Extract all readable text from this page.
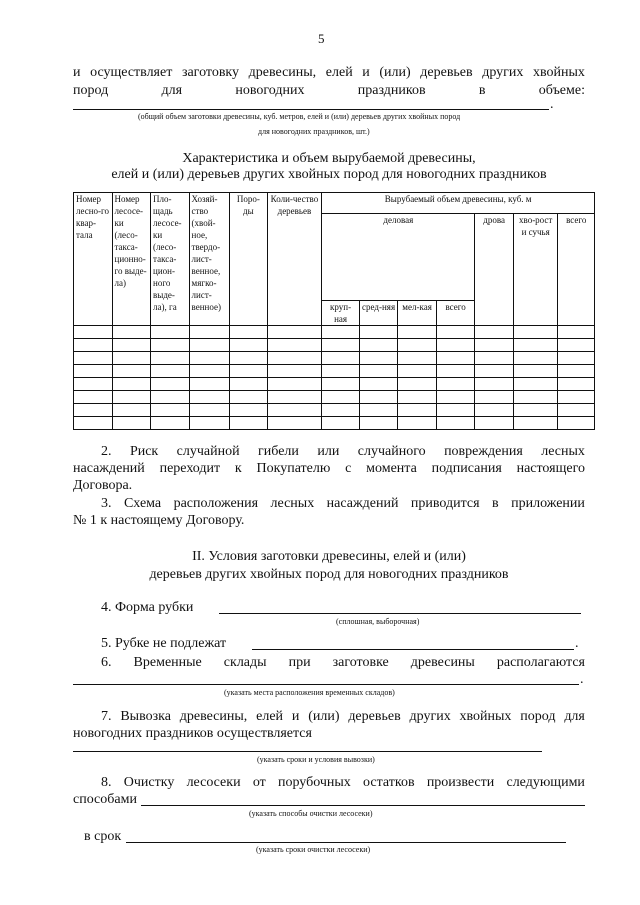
5
и осуществляет заготовку древесины, елей и (или) деревьев других хвойных
пород	для	новогодних	праздников	в	объеме:
.
(общий объем заготовки древесины, куб. метров, елей и (или) деревьев других хвойных пород
для новогодних праздников, шт.)
Характеристика и объем вырубаемой древесины,
елей и (или) деревьев других хвойных пород для новогодних праздников
Номер лесно-го квар-тала	Номер лесосе-ки (лесо-такса-ционно-го выде-ла)	Пло-щадь лесосе-ки (лесо-такса-цион-ного выде-ла), га	Хозяй-ство (хвой-ное, твердо-лист-венное, мягко-лист-венное)	Поро-ды	Коли-чество деревьев	Вырубаемый объем древесины, куб. м						
						деловая				дрова	хво-рост и сучья	всего
						круп-ная	сред-няя	мел-кая	всего			

2. Риск случайной гибели или случайного повреждения лесных
насаждений переходит к Покупателю с момента подписания настоящего
Договора.
3. Схема расположения лесных насаждений приводится в приложении
№ 1 к настоящему Договору.
II. Условия заготовки древесины, елей и (или)
деревьев других хвойных пород для новогодних праздников
4. Форма рубки
(сплошная, выборочная)
5. Рубке не подлежат	.
6. Временные склады при заготовке древесины располагаются
.
(указать места расположения временных складов)
7. Вывозка древесины, елей и (или) деревьев других хвойных пород для
новогодних праздников осуществляется
(указать сроки и условия вывозки)
8. Очистку лесосеки от порубочных остатков произвести следующими
способами
(указать способы очистки лесосеки)
в срок
(указать сроки очистки лесосеки)
